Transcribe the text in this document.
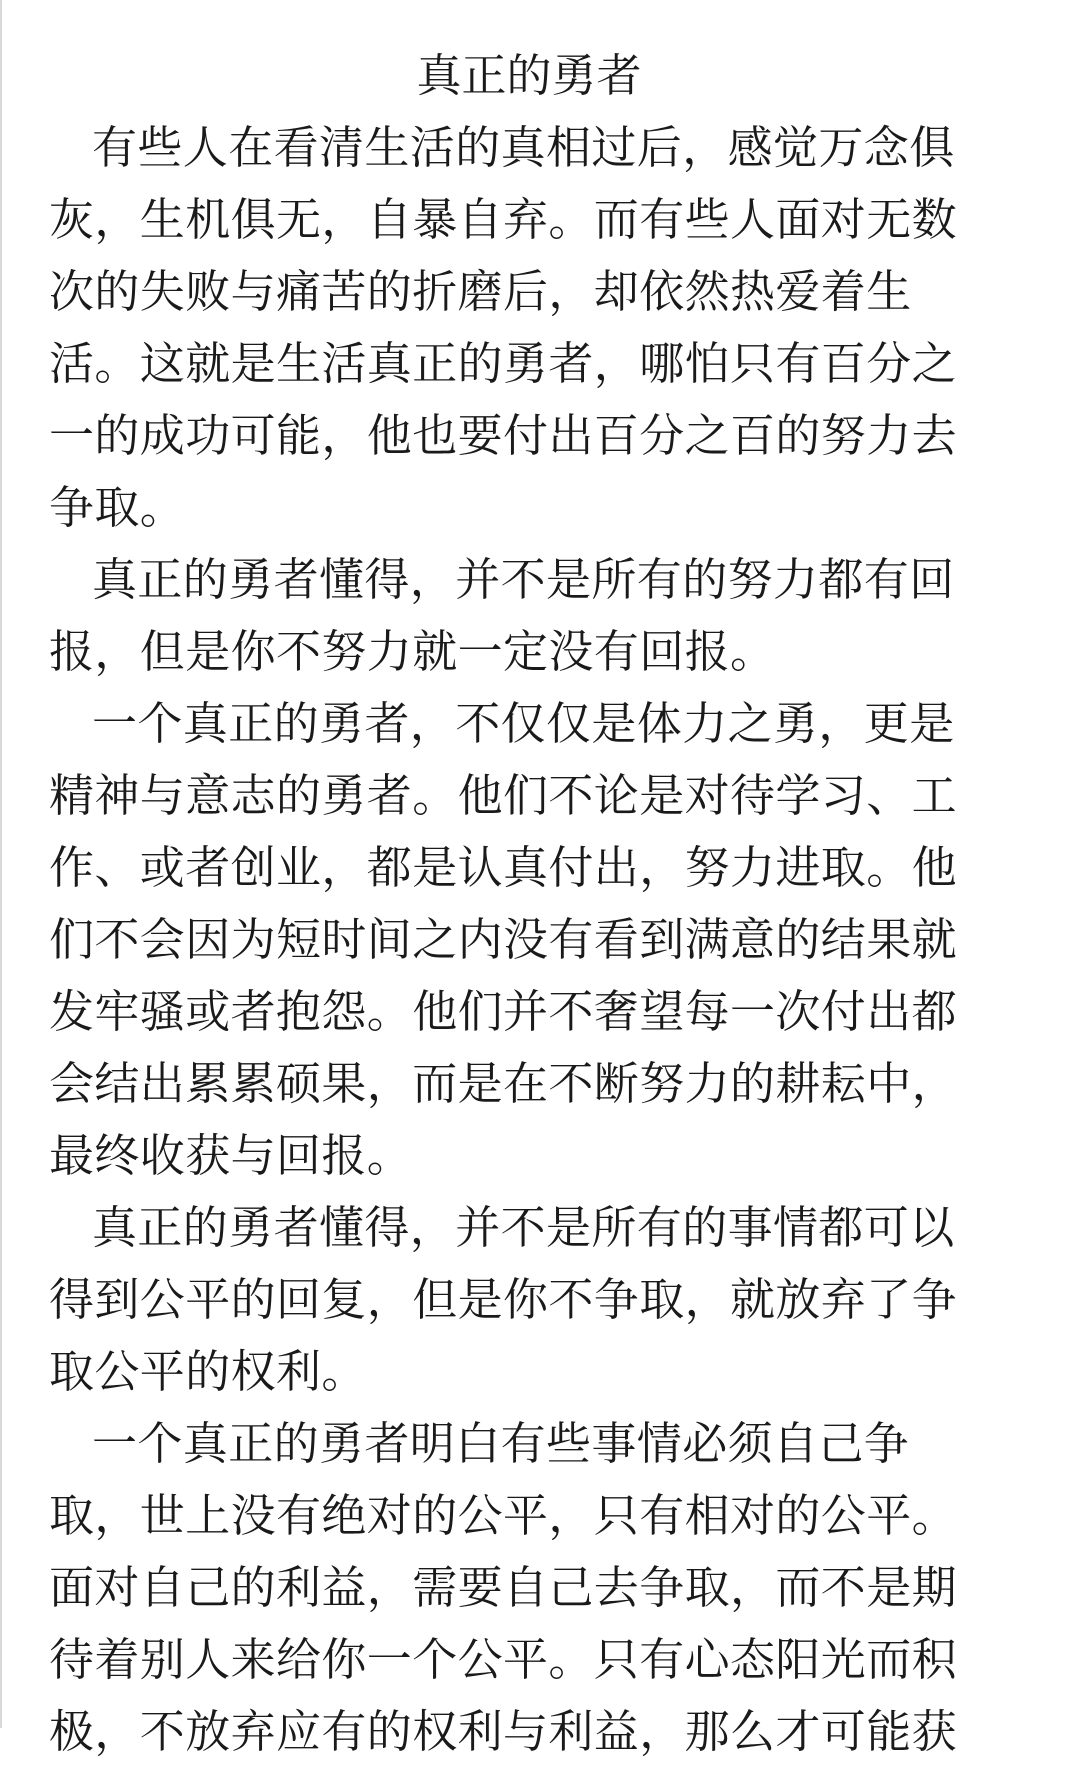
真正的勇者
有些人在看清生活的真相过后，感觉万念俱
灰，生机俱无，自暴自弃。而有些人面对无数
次的失败与痛苦的折磨后，却依然热爱着生
活。这就是生活真正的勇者，哪怕只有百分之
一的成功可能，他也要付出百分之百的努力去
争取。
真正的勇者懂得，并不是所有的努力都有回
报，但是你不努力就一定没有回报。
一个真正的勇者，不仅仅是体力之勇，更是
精神与意志的勇者。他们不论是对待学习、工
作、或者创业，都是认真付出，努力进取。他
们不会因为短时间之内没有看到满意的结果就
发牢骚或者抱怨。他们并不奢望每一次付出都
会结出累累硕果，而是在不断努力的耕耘中，
最终收获与回报。
真正的勇者懂得，并不是所有的事情都可以
得到公平的回复，但是你不争取，就放弃了争
取公平的权利。
一个真正的勇者明白有些事情必须自己争
取，世上没有绝对的公平，只有相对的公平。
面对自己的利益，需要自己去争取，而不是期
待着别人来给你一个公平。只有心态阳光而积
极，不放弃应有的权利与利益，那么才可能获
